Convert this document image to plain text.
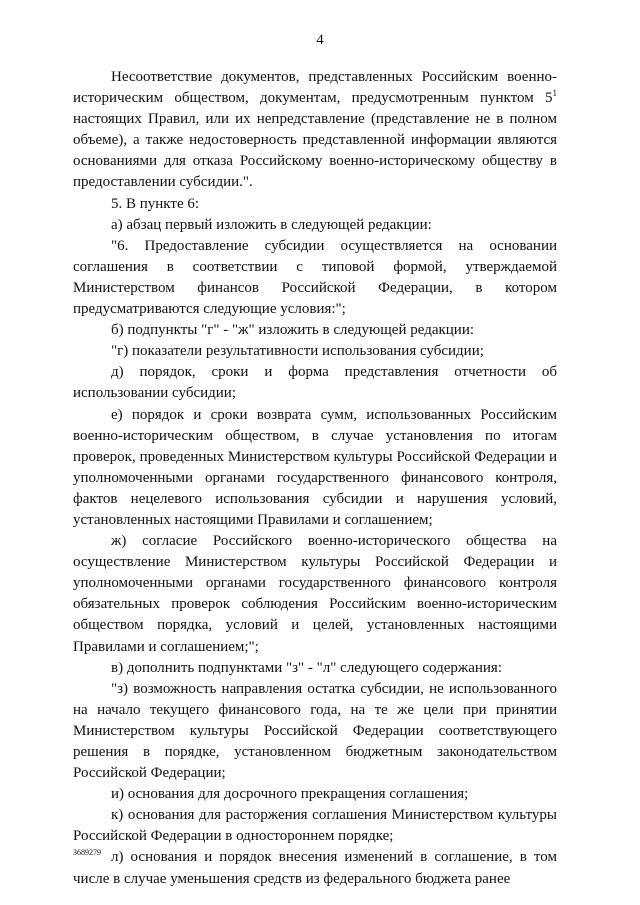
4

Несоответствие документов, представленных Российским военно-историческим обществом, документам, предусмотренным пунктом $5^1$ настоящих Правил, или их непредставление (представление не в полном объеме), а также недостоверность представленной информации являются основаниями для отказа Российскому военно-историческому обществу в предоставлении субсидии.".

5. В пункте 6:

а) абзац первый изложить в следующей редакции:

"6. Предоставление субсидии осуществляется на основании соглашения в соответствии с типовой формой, утверждаемой Министерством финансов Российской Федерации, в котором предусматриваются следующие условия:";

б) подпункты "г" - "ж" изложить в следующей редакции:

"г) показатели результативности использования субсидии;

д) порядок, сроки и форма представления отчетности об использовании субсидии;

е) порядок и сроки возврата сумм, использованных Российским военно-историческим обществом, в случае установления по итогам проверок, проведенных Министерством культуры Российской Федерации и уполномоченными органами государственного финансового контроля, фактов нецелевого использования субсидии и нарушения условий, установленных настоящими Правилами и соглашением;

ж) согласие Российского военно-исторического общества на осуществление Министерством культуры Российской Федерации и уполномоченными органами государственного финансового контроля обязательных проверок соблюдения Российским военно-историческим обществом порядка, условий и целей, установленных настоящими Правилами и соглашением;";

в) дополнить подпунктами "з" - "л" следующего содержания:

"з) возможность направления остатка субсидии, не использованного на начало текущего финансового года, на те же цели при принятии Министерством культуры Российской Федерации соответствующего решения в порядке, установленном бюджетным законодательством Российской Федерации;

и) основания для досрочного прекращения соглашения;

к) основания для расторжения соглашения Министерством культуры Российской Федерации в одностороннем порядке;

л) основания и порядок внесения изменений в соглашение, в том числе в случае уменьшения средств из федерального бюджета ранее

3689279
